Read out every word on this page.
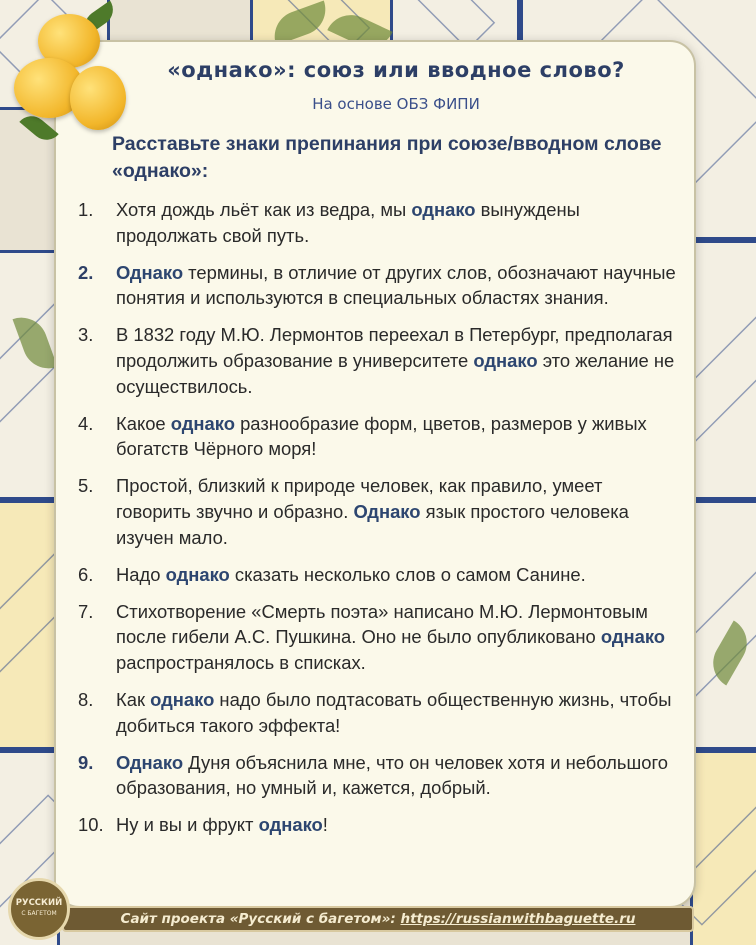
«однако»: союз или вводное слово?
На основе ОБЗ ФИПИ
Расставьте знаки препинания при союзе/вводном слове «однако»:
1.	Хотя дождь льёт как из ведра, мы однако вынуждены продолжать свой путь.
2.	Однако термины, в отличие от других слов, обозначают научные понятия и используются в специальных областях знания.
3.	В 1832 году М.Ю. Лермонтов переехал в Петербург, предполагая продолжить образование в университете однако это желание не осуществилось.
4.	Какое однако разнообразие форм, цветов, размеров у живых богатств Чёрного моря!
5.	Простой, близкий к природе человек, как правило, умеет говорить звучно и образно. Однако язык простого человека изучен мало.
6.	Надо однако сказать несколько слов о самом Санине.
7.	Стихотворение «Смерть поэта» написано М.Ю. Лермонтовым после гибели А.С. Пушкина. Оно не было опубликовано однако распространялось в списках.
8.	Как однако надо было подтасовать общественную жизнь, чтобы добиться такого эффекта!
9.	Однако Дуня объяснила мне, что он человек хотя и небольшого образования, но умный и, кажется, добрый.
10. Ну и вы и фрукт однако!
Сайт проекта «Русский с багетом»: https://russianwithbaguette.ru
РУССКИЙ
С БАГЕТОМ
